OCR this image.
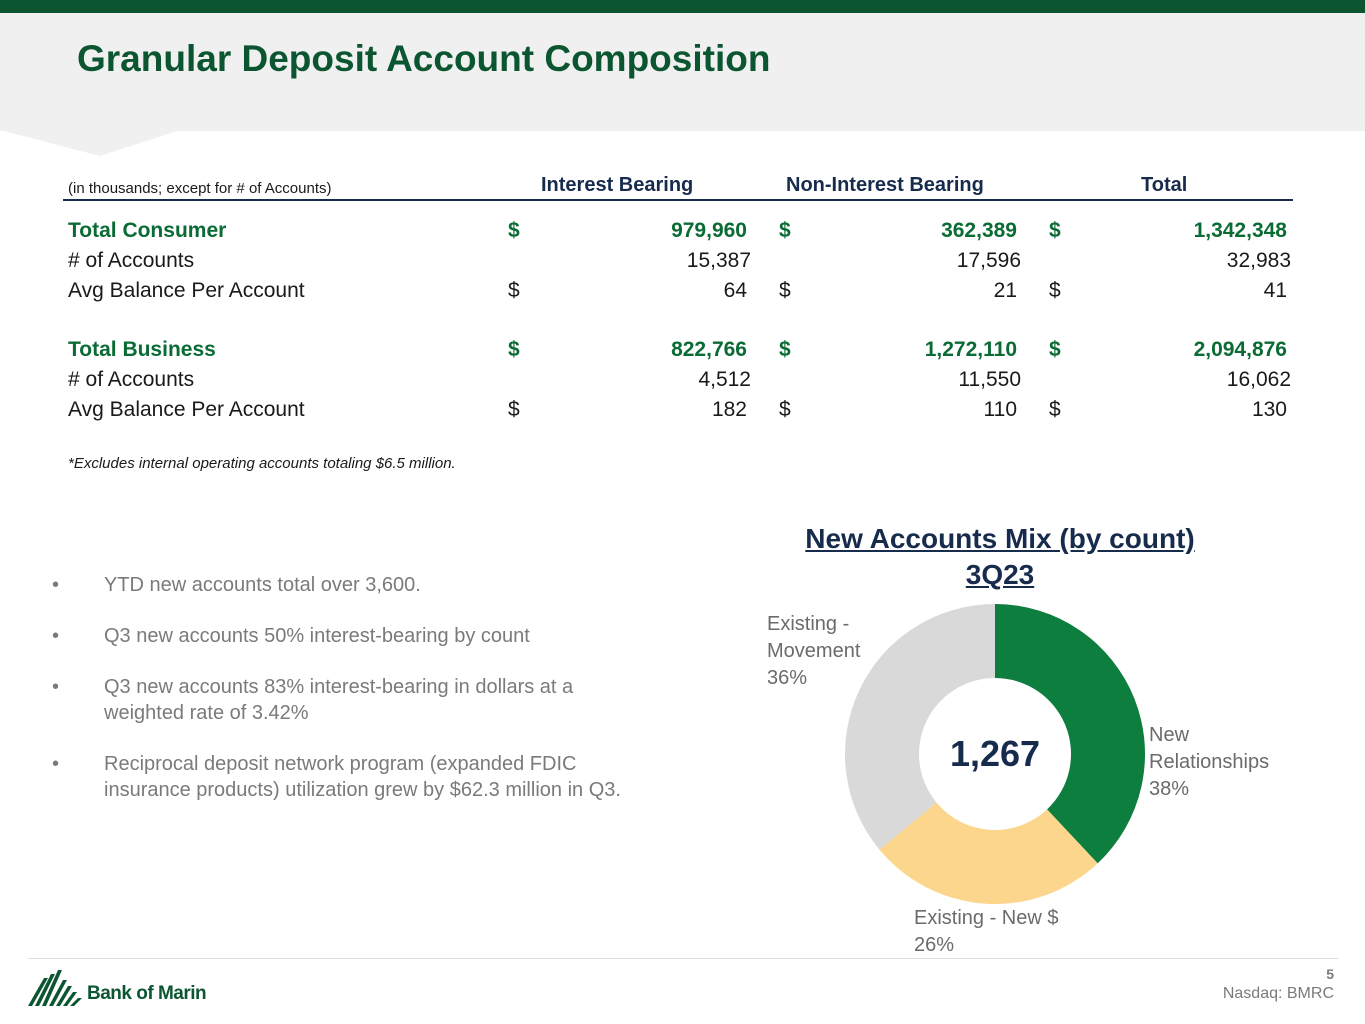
Granular Deposit Account Composition
(in thousands; except for # of Accounts)	Interest Bearing	Non-Interest Bearing	Total
Total Consumer	$	979,960 $	362,389 $	1,342,348
# of Accounts	15,387	17,596	32,983
Avg Balance Per Account	$	64 $	21 $	41
Total Business	$	822,766 $	1,272,110 $	2,094,876
# of Accounts	4,512	11,550	16,062
Avg Balance Per Account	$	182 $	110 $	130
*Excludes internal operating accounts totaling $6.5 million.
• YTD new accounts total over 3,600.
• Q3 new accounts 50% interest-bearing by count
• Q3 new accounts 83% interest-bearing in dollars at a weighted rate of 3.42%
• Reciprocal deposit network program (expanded FDIC insurance products) utilization grew by $62.3 million in Q3.
New Accounts Mix (by count)
3Q23
1,267	New
Relationships
38%
Existing - New $
26%
Existing -
Movement
36%
Bank of Marin
5
Nasdaq: BMRC
